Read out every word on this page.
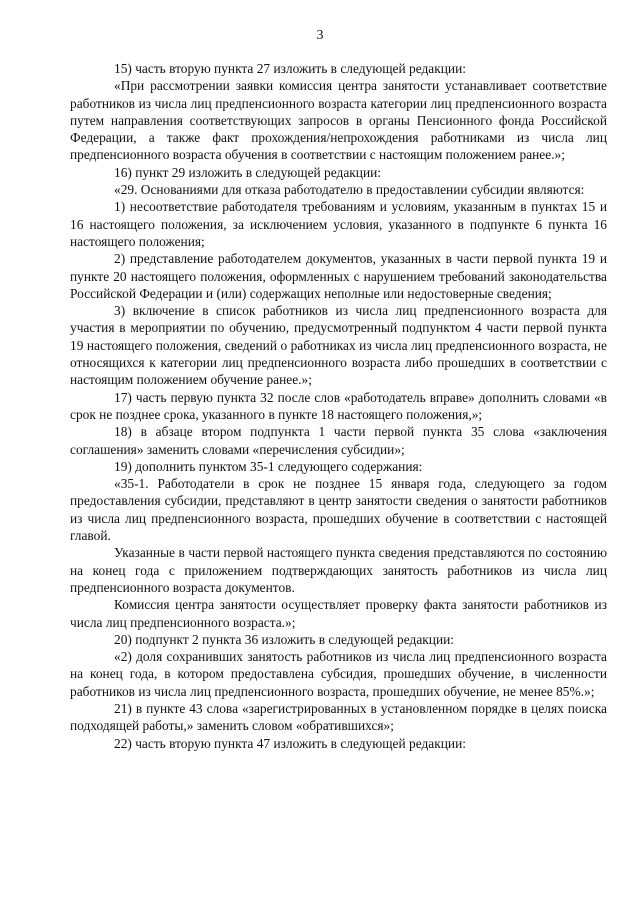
3

15) часть вторую пункта 27 изложить в следующей редакции:

«При рассмотрении заявки комиссия центра занятости устанавливает соответствие работников из числа лиц предпенсионного возраста категории лиц предпенсионного возраста путем направления соответствующих запросов в органы Пенсионного фонда Российской Федерации, а также факт прохождения/непрохождения работниками из числа лиц предпенсионного возраста обучения в соответствии с настоящим положением ранее.»;

16) пункт 29 изложить в следующей редакции:

«29. Основаниями для отказа работодателю в предоставлении субсидии являются:

1) несоответствие работодателя требованиям и условиям, указанным в пунктах 15 и 16 настоящего положения, за исключением условия, указанного в подпункте 6 пункта 16 настоящего положения;

2) представление работодателем документов, указанных в части первой пункта 19 и пункте 20 настоящего положения, оформленных с нарушением требований законодательства Российской Федерации и (или) содержащих неполные или недостоверные сведения;

3) включение в список работников из числа лиц предпенсионного возраста для участия в мероприятии по обучению, предусмотренный подпунктом 4 части первой пункта 19 настоящего положения, сведений о работниках из числа лиц предпенсионного возраста, не относящихся к категории лиц предпенсионного возраста либо прошедших в соответствии с настоящим положением обучение ранее.»;

17) часть первую пункта 32 после слов «работодатель вправе» дополнить словами «в срок не позднее срока, указанного в пункте 18 настоящего положения,»;

18) в абзаце втором подпункта 1 части первой пункта 35 слова «заключения соглашения» заменить словами «перечисления субсидии»;

19) дополнить пунктом 35-1 следующего содержания:

«35-1. Работодатели в срок не позднее 15 января года, следующего за годом предоставления субсидии, представляют в центр занятости сведения о занятости работников из числа лиц предпенсионного возраста, прошедших обучение в соответствии с настоящей главой.

Указанные в части первой настоящего пункта сведения представляются по состоянию на конец года с приложением подтверждающих занятость работников из числа лиц предпенсионного возраста документов.

Комиссия центра занятости осуществляет проверку факта занятости работников из числа лиц предпенсионного возраста.»;

20) подпункт 2 пункта 36 изложить в следующей редакции:

«2) доля сохранивших занятость работников из числа лиц предпенсионного возраста на конец года, в котором предоставлена субсидия, прошедших обучение, в численности работников из числа лиц предпенсионного возраста, прошедших обучение, не менее 85%.»;

21) в пункте 43 слова «зарегистрированных в установленном порядке в целях поиска подходящей работы,» заменить словом «обратившихся»;

22) часть вторую пункта 47 изложить в следующей редакции:
